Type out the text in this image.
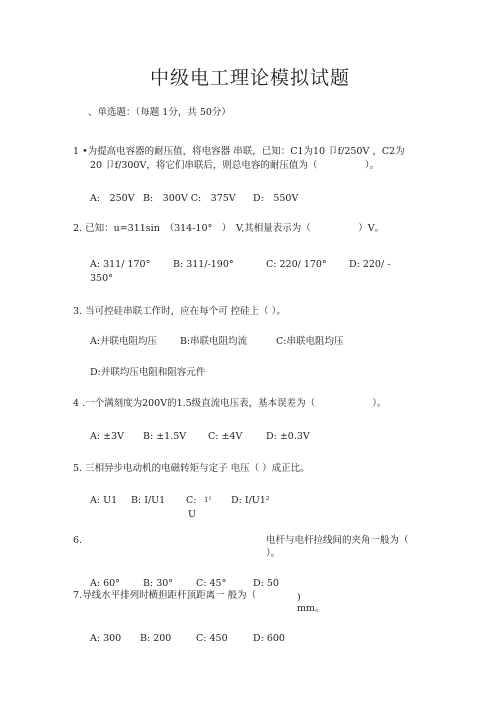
中级电工理论模拟试题
、单选题：（每题 1分，共 50分）
1 •为提高电容器的耐压值，将电容器 串联，已知：C1为10 卩f/250V ，C2为
20 卩f/300V，将它们串联后，则总电容的耐压值为（　　　　　）。
A:　250V B:　300V C:　375V D:　550V
2. 已知：u=311sin　（314-10°　）　V,其相量表示为（　　　　　）V。
A: 311/ 170° B: 311/-190°	C: 220/ 170° D: 220/ -
350°
3. 当可控硅串联工作时，应在每个可 控硅上（ ）。
A:并联电阻均压 B:串联电阻均流	C:串联电阻均压
D:并联均压电阻和阻容元件
4 .一个满刻度为200V的1.5级直流电压表，基本误差为（　　　　　　）。
A: ±3V B: ±1.5V C: ±4V D: ±0.3V
5. 三相异步电动机的电磁转矩与定子 电压（ ）成正比。
A: U1 B: I/U1 C: 1²
U
D: I/U1²
6.	电杆与电杆拉线间的夹角一般为（
）。
A: 60° B: 30° C: 45°	D: 50
7.导线水平排列时横担距杆顶距离一 般为（	)
mm。
A: 300 B: 200	C: 450	D: 600
